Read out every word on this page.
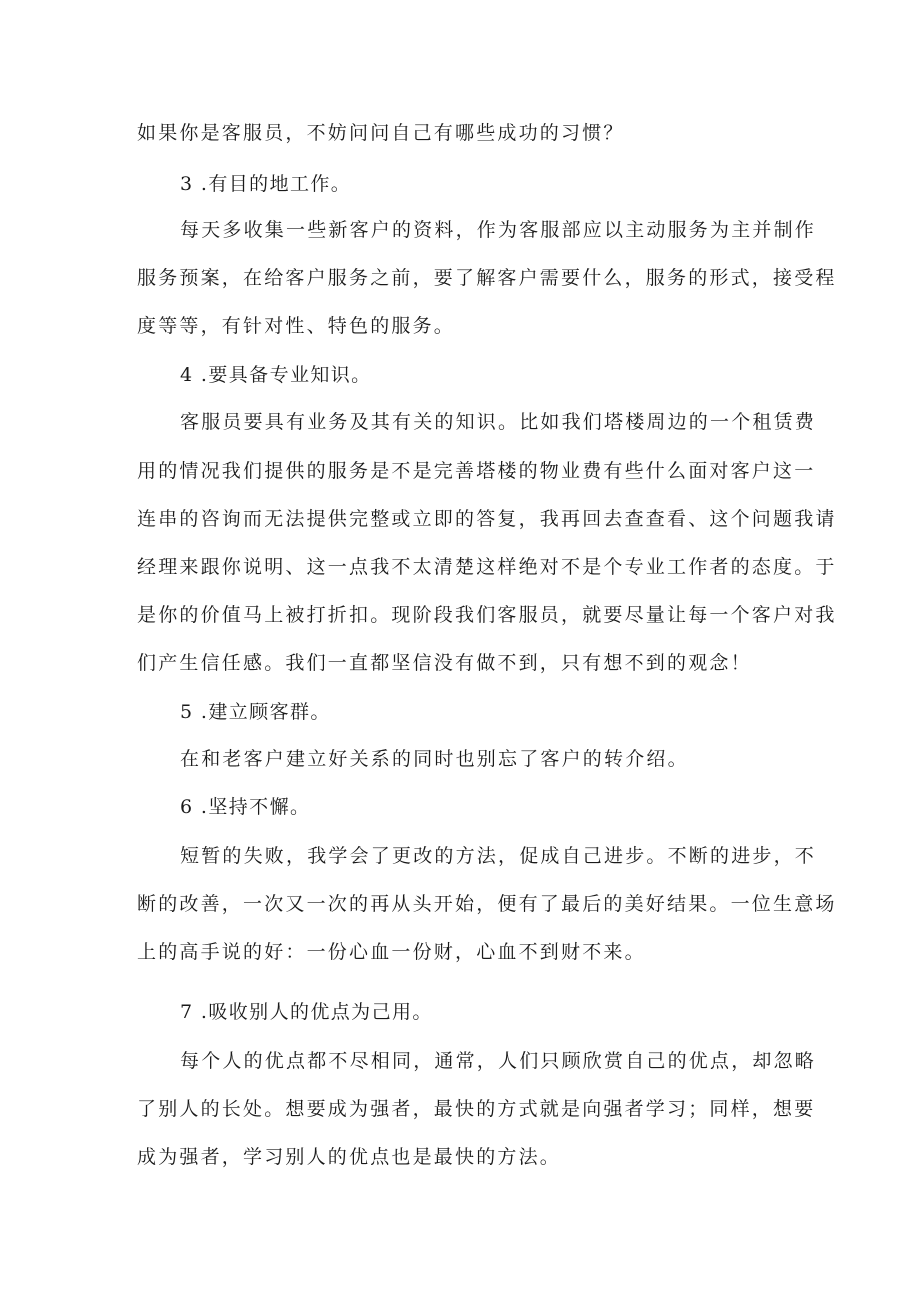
如果你是客服员，不妨问问自己有哪些成功的习惯？
3 .有目的地工作。
每天多收集一些新客户的资料，作为客服部应以主动服务为主并制作
服务预案，在给客户服务之前，要了解客户需要什么，服务的形式，接受程
度等等，有针对性、特色的服务。
4 .要具备专业知识。
客服员要具有业务及其有关的知识。比如我们塔楼周边的一个租赁费
用的情况我们提供的服务是不是完善塔楼的物业费有些什么面对客户这一
连串的咨询而无法提供完整或立即的答复，我再回去查查看、这个问题我请
经理来跟你说明、这一点我不太清楚这样绝对不是个专业工作者的态度。于
是你的价值马上被打折扣。现阶段我们客服员，就要尽量让每一个客户对我
们产生信任感。我们一直都坚信没有做不到，只有想不到的观念！
5 .建立顾客群。
在和老客户建立好关系的同时也别忘了客户的转介绍。
6 .坚持不懈。
短暂的失败，我学会了更改的方法，促成自己进步。不断的进步，不
断的改善，一次又一次的再从头开始，便有了最后的美好结果。一位生意场
上的高手说的好：一份心血一份财，心血不到财不来。
7 .吸收别人的优点为己用。
每个人的优点都不尽相同，通常，人们只顾欣赏自己的优点，却忽略
了别人的长处。想要成为强者，最快的方式就是向强者学习；同样，想要
成为强者，学习别人的优点也是最快的方法。
